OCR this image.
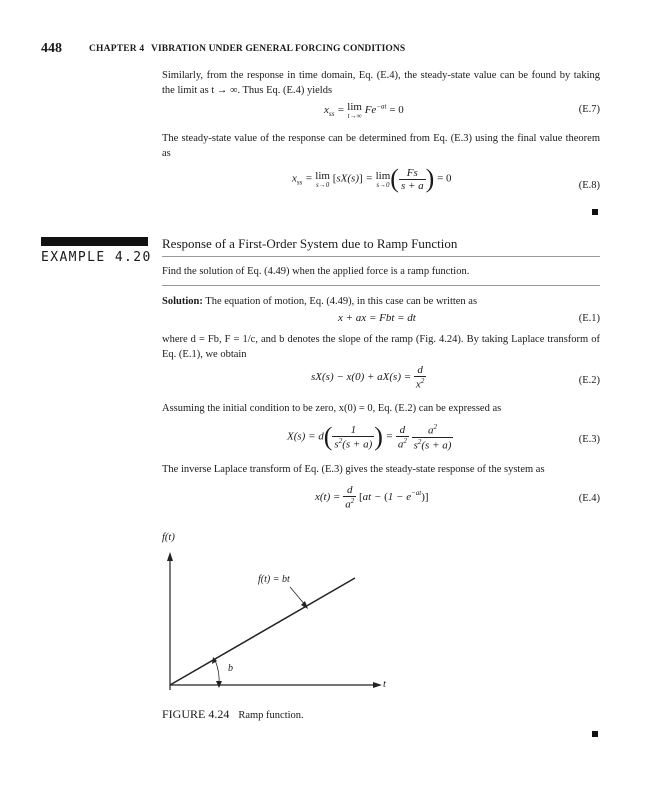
448	CHAPTER 4 VIBRATION UNDER GENERAL FORCING CONDITIONS
Similarly, from the response in time domain, Eq. (E.4), the steady-state value can be found by taking the limit as t → ∞. Thus Eq. (E.4) yields
$x_{ss} = \lim$
t→∞ $Fe^{-at} = 0$	(E.7)
The steady-state value of the response can be determined from Eq. (E.3) using the final value theorem as
$x_{ss} = \lim$
s→0 [sX(s)] = lim
s→0 ( $\frac{Fs}{s + a}$ ) = 0
(E.8)
EXAMPLE 4.20
Response of a First-Order System due to Ramp Function
Find the solution of Eq. (4.49) when the applied force is a ramp function.
Solution: The equation of motion, Eq. (4.49), in this case can be written as
x + ax = Fbt = dt	(E.1)
where d = Fb, F = 1/c, and b denotes the slope of the ramp (Fig. 4.24). By taking Laplace transform of Eq. (E.1), we obtain
$sX(s) - x(0) + aX(s) = \frac{d}{x^2}$	(E.2)
Assuming the initial condition to be zero, x(0) = 0, Eq. (E.2) can be expressed as
$X(s) = d( \frac{1}{s^2(s + a)}$ ) = $\frac{d}{a^2}$
$\frac{a^2}{s^2(s + a)}$	(E.3)
The inverse Laplace transform of Eq. (E.3) gives the steady-state response of the system as
$x(t) = \frac{d}{a^2} [at - (1 - e^{-at})]$	(E.4)
f(t)
f(t) = bt
b
t
FIGURE 4.24 Ramp function.
